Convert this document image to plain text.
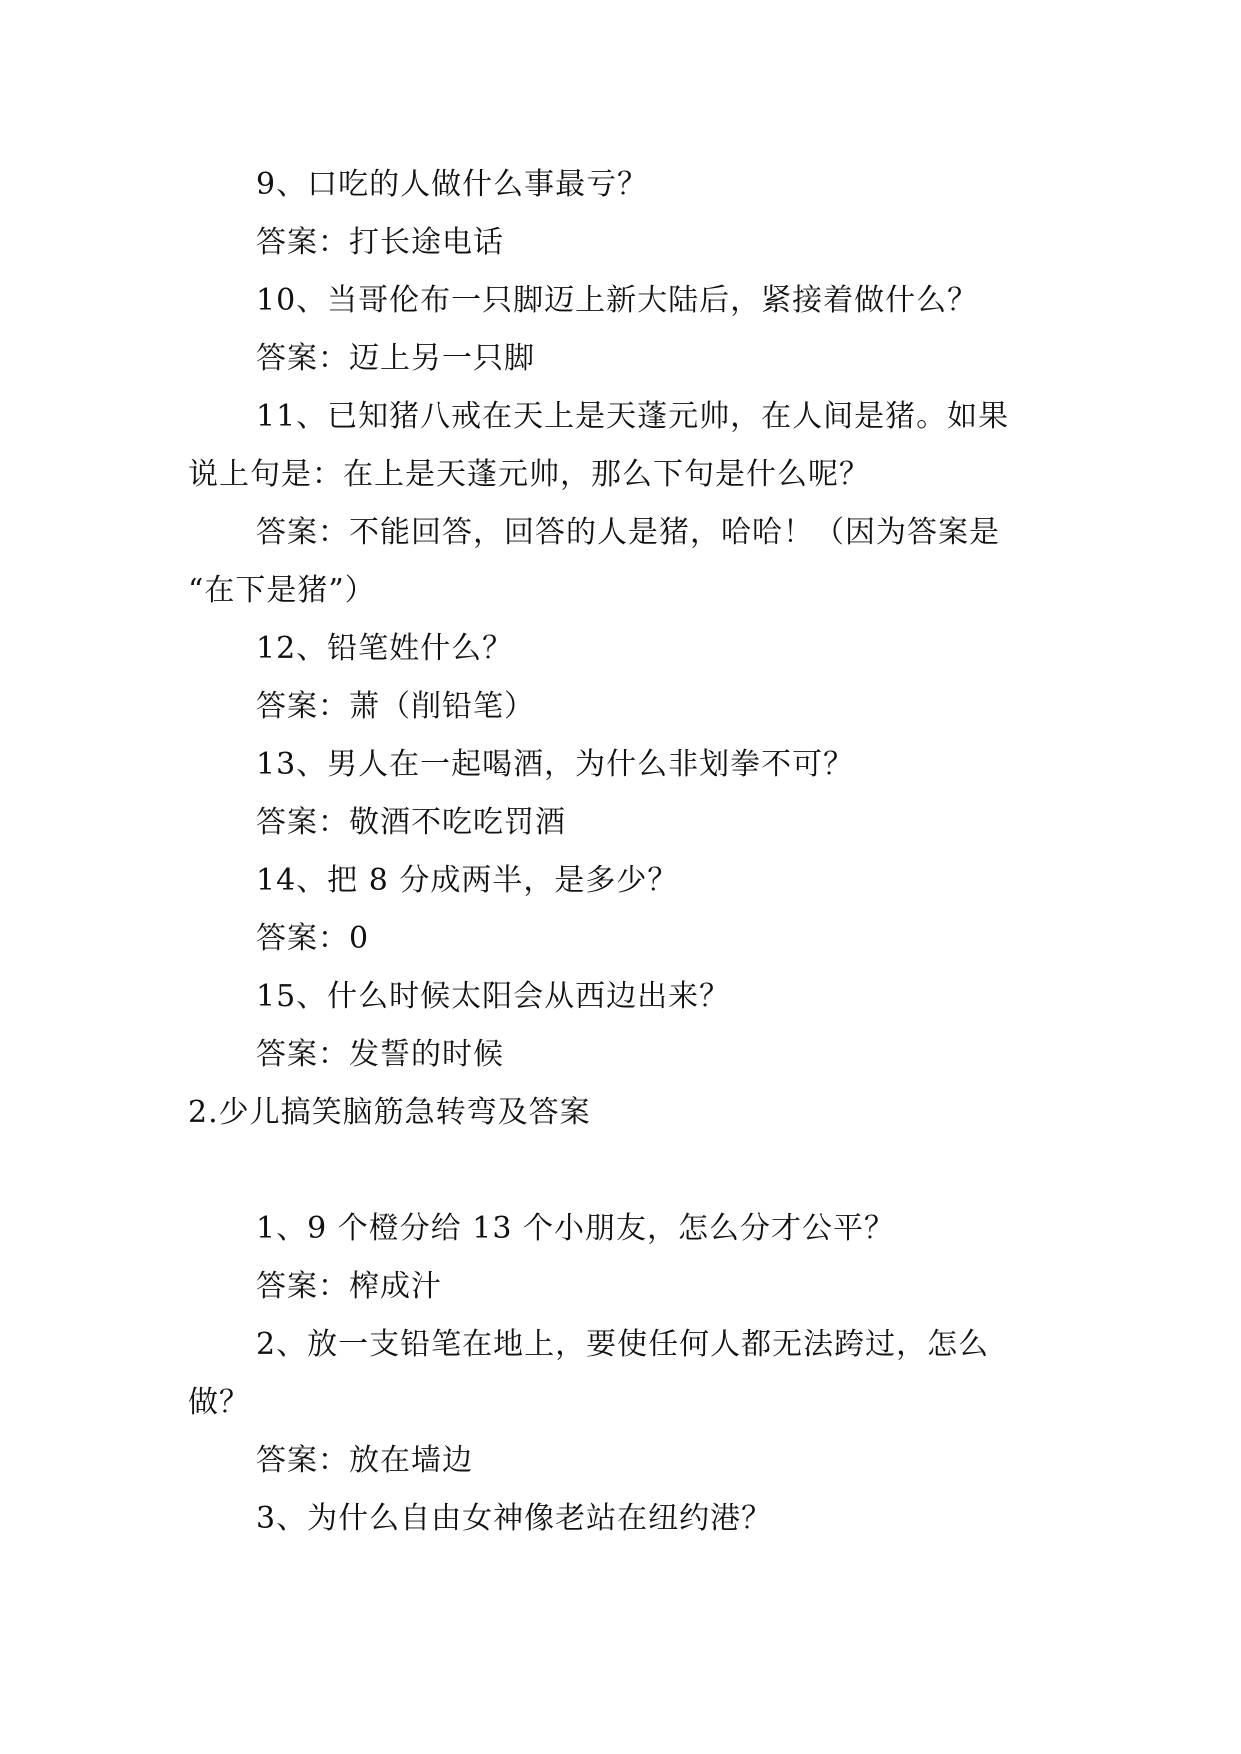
9、口吃的人做什么事最亏？
答案：打长途电话
10、当哥伦布一只脚迈上新大陆后，紧接着做什么？
答案：迈上另一只脚
11、已知猪八戒在天上是天蓬元帅，在人间是猪。如果
说上句是：在上是天蓬元帅，那么下句是什么呢？
答案：不能回答，回答的人是猪，哈哈！（因为答案是
“在下是猪”）
12、铅笔姓什么？
答案：萧（削铅笔）
13、男人在一起喝酒，为什么非划拳不可？
答案：敬酒不吃吃罚酒
14、把 8 分成两半，是多少？
答案：0
15、什么时候太阳会从西边出来？
答案：发誓的时候
2.少儿搞笑脑筋急转弯及答案
1、9 个橙分给 13 个小朋友，怎么分才公平？
答案：榨成汁
2、放一支铅笔在地上，要使任何人都无法跨过，怎么
做？
答案：放在墙边
3、为什么自由女神像老站在纽约港？
